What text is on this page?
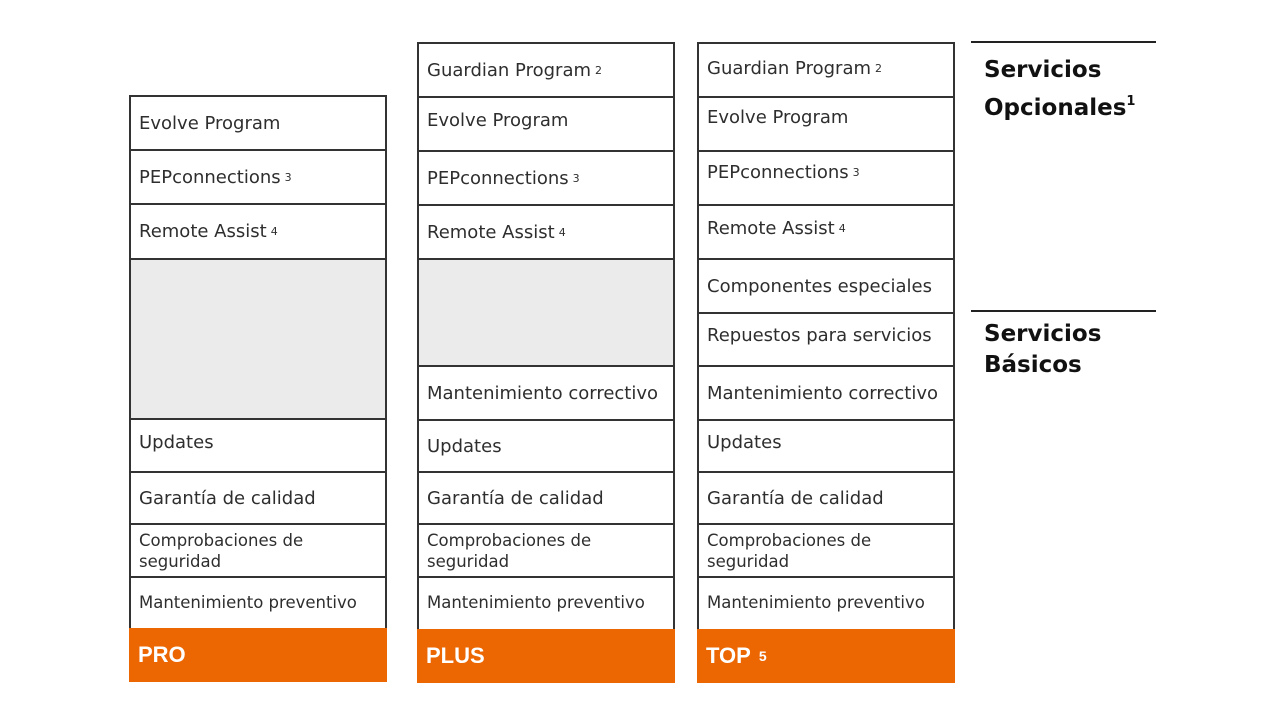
Evolve Program
PEPconnections 3
Remote Assist 4
Updates
Garantía de calidad
Comprobaciones de seguridad
Mantenimiento preventivo
PRO
Guardian Program 2
Evolve Program
PEPconnections 3
Remote Assist 4
Mantenimiento correctivo
Updates
Garantía de calidad
Comprobaciones de seguridad
Mantenimiento preventivo
PLUS
Guardian Program 2
Evolve Program
PEPconnections 3
Remote Assist 4
Componentes especiales
Repuestos para servicios
Mantenimiento correctivo
Updates
Garantía de calidad
Comprobaciones de seguridad
Mantenimiento preventivo
TOP 5
Servicios
Opcionales$^1$
Servicios
Básicos
